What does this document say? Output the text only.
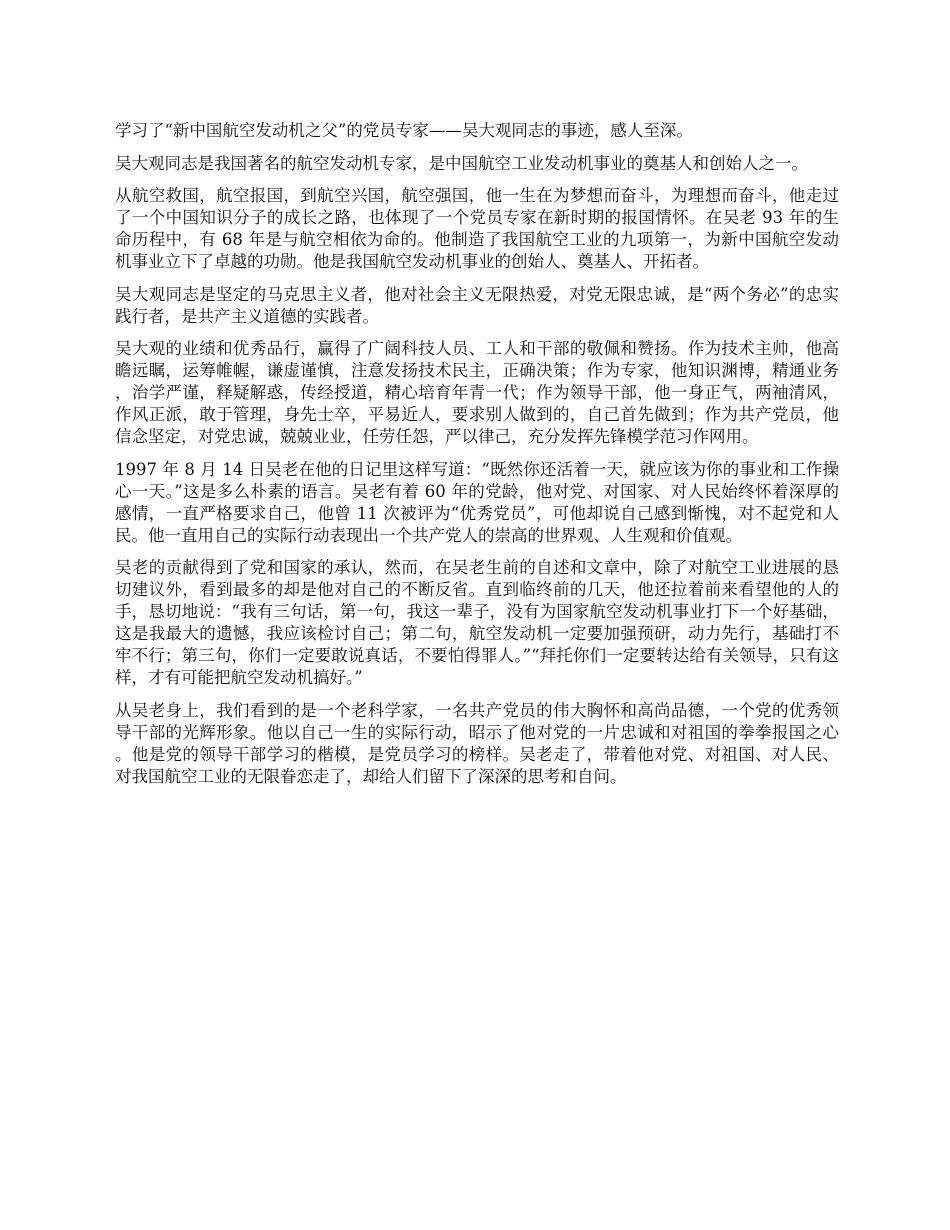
学习了“新中国航空发动机之父”的党员专家——吴大观同志的事迹，感人至深。

吴大观同志是我国著名的航空发动机专家，是中国航空工业发动机事业的奠基人和创始人之一。

从航空救国，航空报国，到航空兴国，航空强国，他一生在为梦想而奋斗，为理想而奋斗，他走过了一个中国知识分子的成长之路，也体现了一个党员专家在新时期的报国情怀。在吴老 93 年的生命历程中，有 68 年是与航空相依为命的。他制造了我国航空工业的九项第一，为新中国航空发动机事业立下了卓越的功勋。他是我国航空发动机事业的创始人、奠基人、开拓者。

吴大观同志是坚定的马克思主义者，他对社会主义无限热爱，对党无限忠诚，是“两个务必”的忠实践行者，是共产主义道德的实践者。

吴大观的业绩和优秀品行，赢得了广阔科技人员、工人和干部的敬佩和赞扬。作为技术主帅，他高瞻远瞩，运筹帷幄，谦虚谨慎，注意发扬技术民主，正确决策；作为专家，他知识渊博，精通业务，治学严谨，释疑解惑，传经授道，精心培育年青一代；作为领导干部，他一身正气，两袖清风，作风正派，敢于管理，身先士卒，平易近人，要求别人做到的，自己首先做到；作为共产党员，他信念坚定，对党忠诚，兢兢业业，任劳任怨，严以律己，充分发挥先锋模学范习作网用。

1997 年 8 月 14 日吴老在他的日记里这样写道：“既然你还活着一天，就应该为你的事业和工作操心一天。”这是多么朴素的语言。吴老有着 60 年的党龄，他对党、对国家、对人民始终怀着深厚的感情，一直严格要求自己，他曾 11 次被评为“优秀党员”，可他却说自己感到惭愧，对不起党和人民。他一直用自己的实际行动表现出一个共产党人的崇高的世界观、人生观和价值观。

吴老的贡献得到了党和国家的承认，然而，在吴老生前的自述和文章中，除了对航空工业进展的恳切建议外，看到最多的却是他对自己的不断反省。直到临终前的几天，他还拉着前来看望他的人的手，恳切地说：“我有三句话，第一句，我这一辈子，没有为国家航空发动机事业打下一个好基础，这是我最大的遗憾，我应该检讨自己；第二句，航空发动机一定要加强预研，动力先行，基础打不牢不行；第三句，你们一定要敢说真话，不要怕得罪人。”“拜托你们一定要转达给有关领导，只有这样，才有可能把航空发动机搞好。”

从吴老身上，我们看到的是一个老科学家，一名共产党员的伟大胸怀和高尚品德，一个党的优秀领导干部的光辉形象。他以自己一生的实际行动，昭示了他对党的一片忠诚和对祖国的拳拳报国之心。他是党的领导干部学习的楷模，是党员学习的榜样。吴老走了，带着他对党、对祖国、对人民、对我国航空工业的无限眷恋走了，却给人们留下了深深的思考和自问。
